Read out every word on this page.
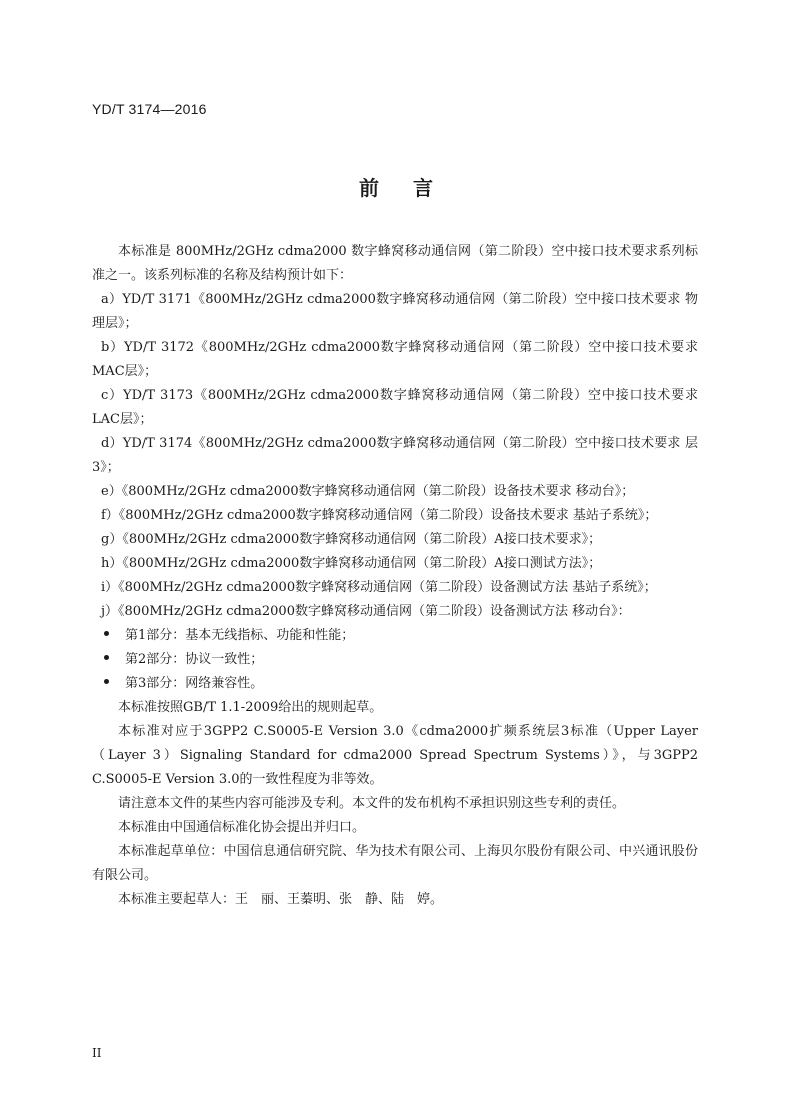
YD/T 3174—2016
前 言

本标准是 800MHz/2GHz cdma2000 数字蜂窝移动通信网（第二阶段）空中接口技术要求系列标准之一。该系列标准的名称及结构预计如下：

a）YD/T 3171《800MHz/2GHz cdma2000数字蜂窝移动通信网（第二阶段）空中接口技术要求 物理层》；

b）YD/T 3172《800MHz/2GHz cdma2000数字蜂窝移动通信网（第二阶段）空中接口技术要求 MAC层》；

c）YD/T 3173《800MHz/2GHz cdma2000数字蜂窝移动通信网（第二阶段）空中接口技术要求 LAC层》；

d）YD/T 3174《800MHz/2GHz cdma2000数字蜂窝移动通信网（第二阶段）空中接口技术要求 层3》；

e）《800MHz/2GHz cdma2000数字蜂窝移动通信网（第二阶段）设备技术要求 移动台》；

f）《800MHz/2GHz cdma2000数字蜂窝移动通信网（第二阶段）设备技术要求 基站子系统》；

g）《800MHz/2GHz cdma2000数字蜂窝移动通信网（第二阶段）A接口技术要求》；

h）《800MHz/2GHz cdma2000数字蜂窝移动通信网（第二阶段）A接口测试方法》；

i）《800MHz/2GHz cdma2000数字蜂窝移动通信网（第二阶段）设备测试方法 基站子系统》；

j）《800MHz/2GHz cdma2000数字蜂窝移动通信网（第二阶段）设备测试方法 移动台》：

第1部分：基本无线指标、功能和性能；

第2部分：协议一致性；

第3部分：网络兼容性。

本标准按照GB/T 1.1-2009给出的规则起草。

本标准对应于3GPP2 C.S0005-E Version 3.0《cdma2000扩频系统层3标准（Upper Layer（Layer 3）Signaling Standard for cdma2000 Spread Spectrum Systems）》，与3GPP2 C.S0005-E Version 3.0的一致性程度为非等效。

请注意本文件的某些内容可能涉及专利。本文件的发布机构不承担识别这些专利的责任。

本标准由中国通信标准化协会提出并归口。

本标准起草单位：中国信息通信研究院、华为技术有限公司、上海贝尔股份有限公司、中兴通讯股份有限公司。

本标准主要起草人：王　丽、王蓁明、张　静、陆　婷。

II
